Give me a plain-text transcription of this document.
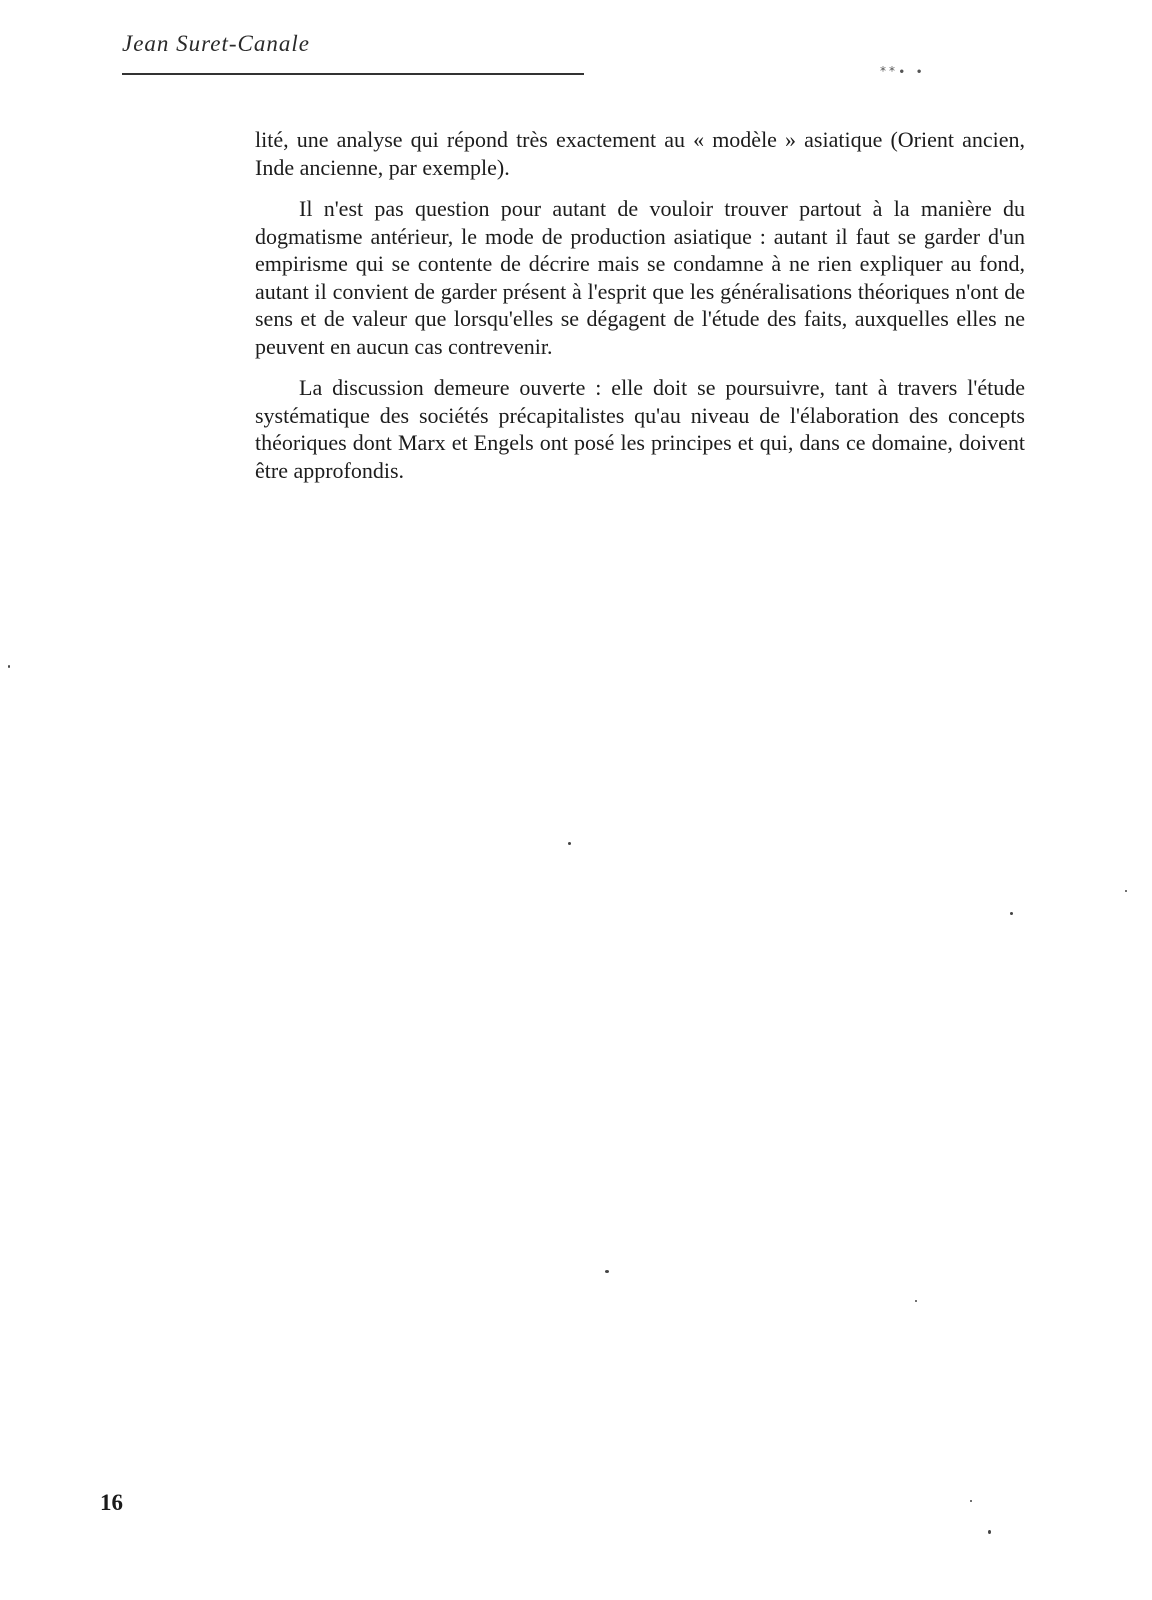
Jean Suret-Canale
**∙ ∙

lité, une analyse qui répond très exactement au « modèle » asiatique (Orient ancien, Inde ancienne, par exemple).

Il n'est pas question pour autant de vouloir trouver partout à la manière du dogmatisme antérieur, le mode de production asiatique : autant il faut se garder d'un empirisme qui se contente de décrire mais se condamne à ne rien expliquer au fond, autant il convient de garder présent à l'esprit que les généralisations théoriques n'ont de sens et de valeur que lorsqu'elles se dégagent de l'étude des faits, auxquelles elles ne peuvent en aucun cas contrevenir.

La discussion demeure ouverte : elle doit se poursuivre, tant à travers l'étude systématique des sociétés précapitalistes qu'au niveau de l'élaboration des concepts théoriques dont Marx et Engels ont posé les principes et qui, dans ce domaine, doivent être approfondis.

16
